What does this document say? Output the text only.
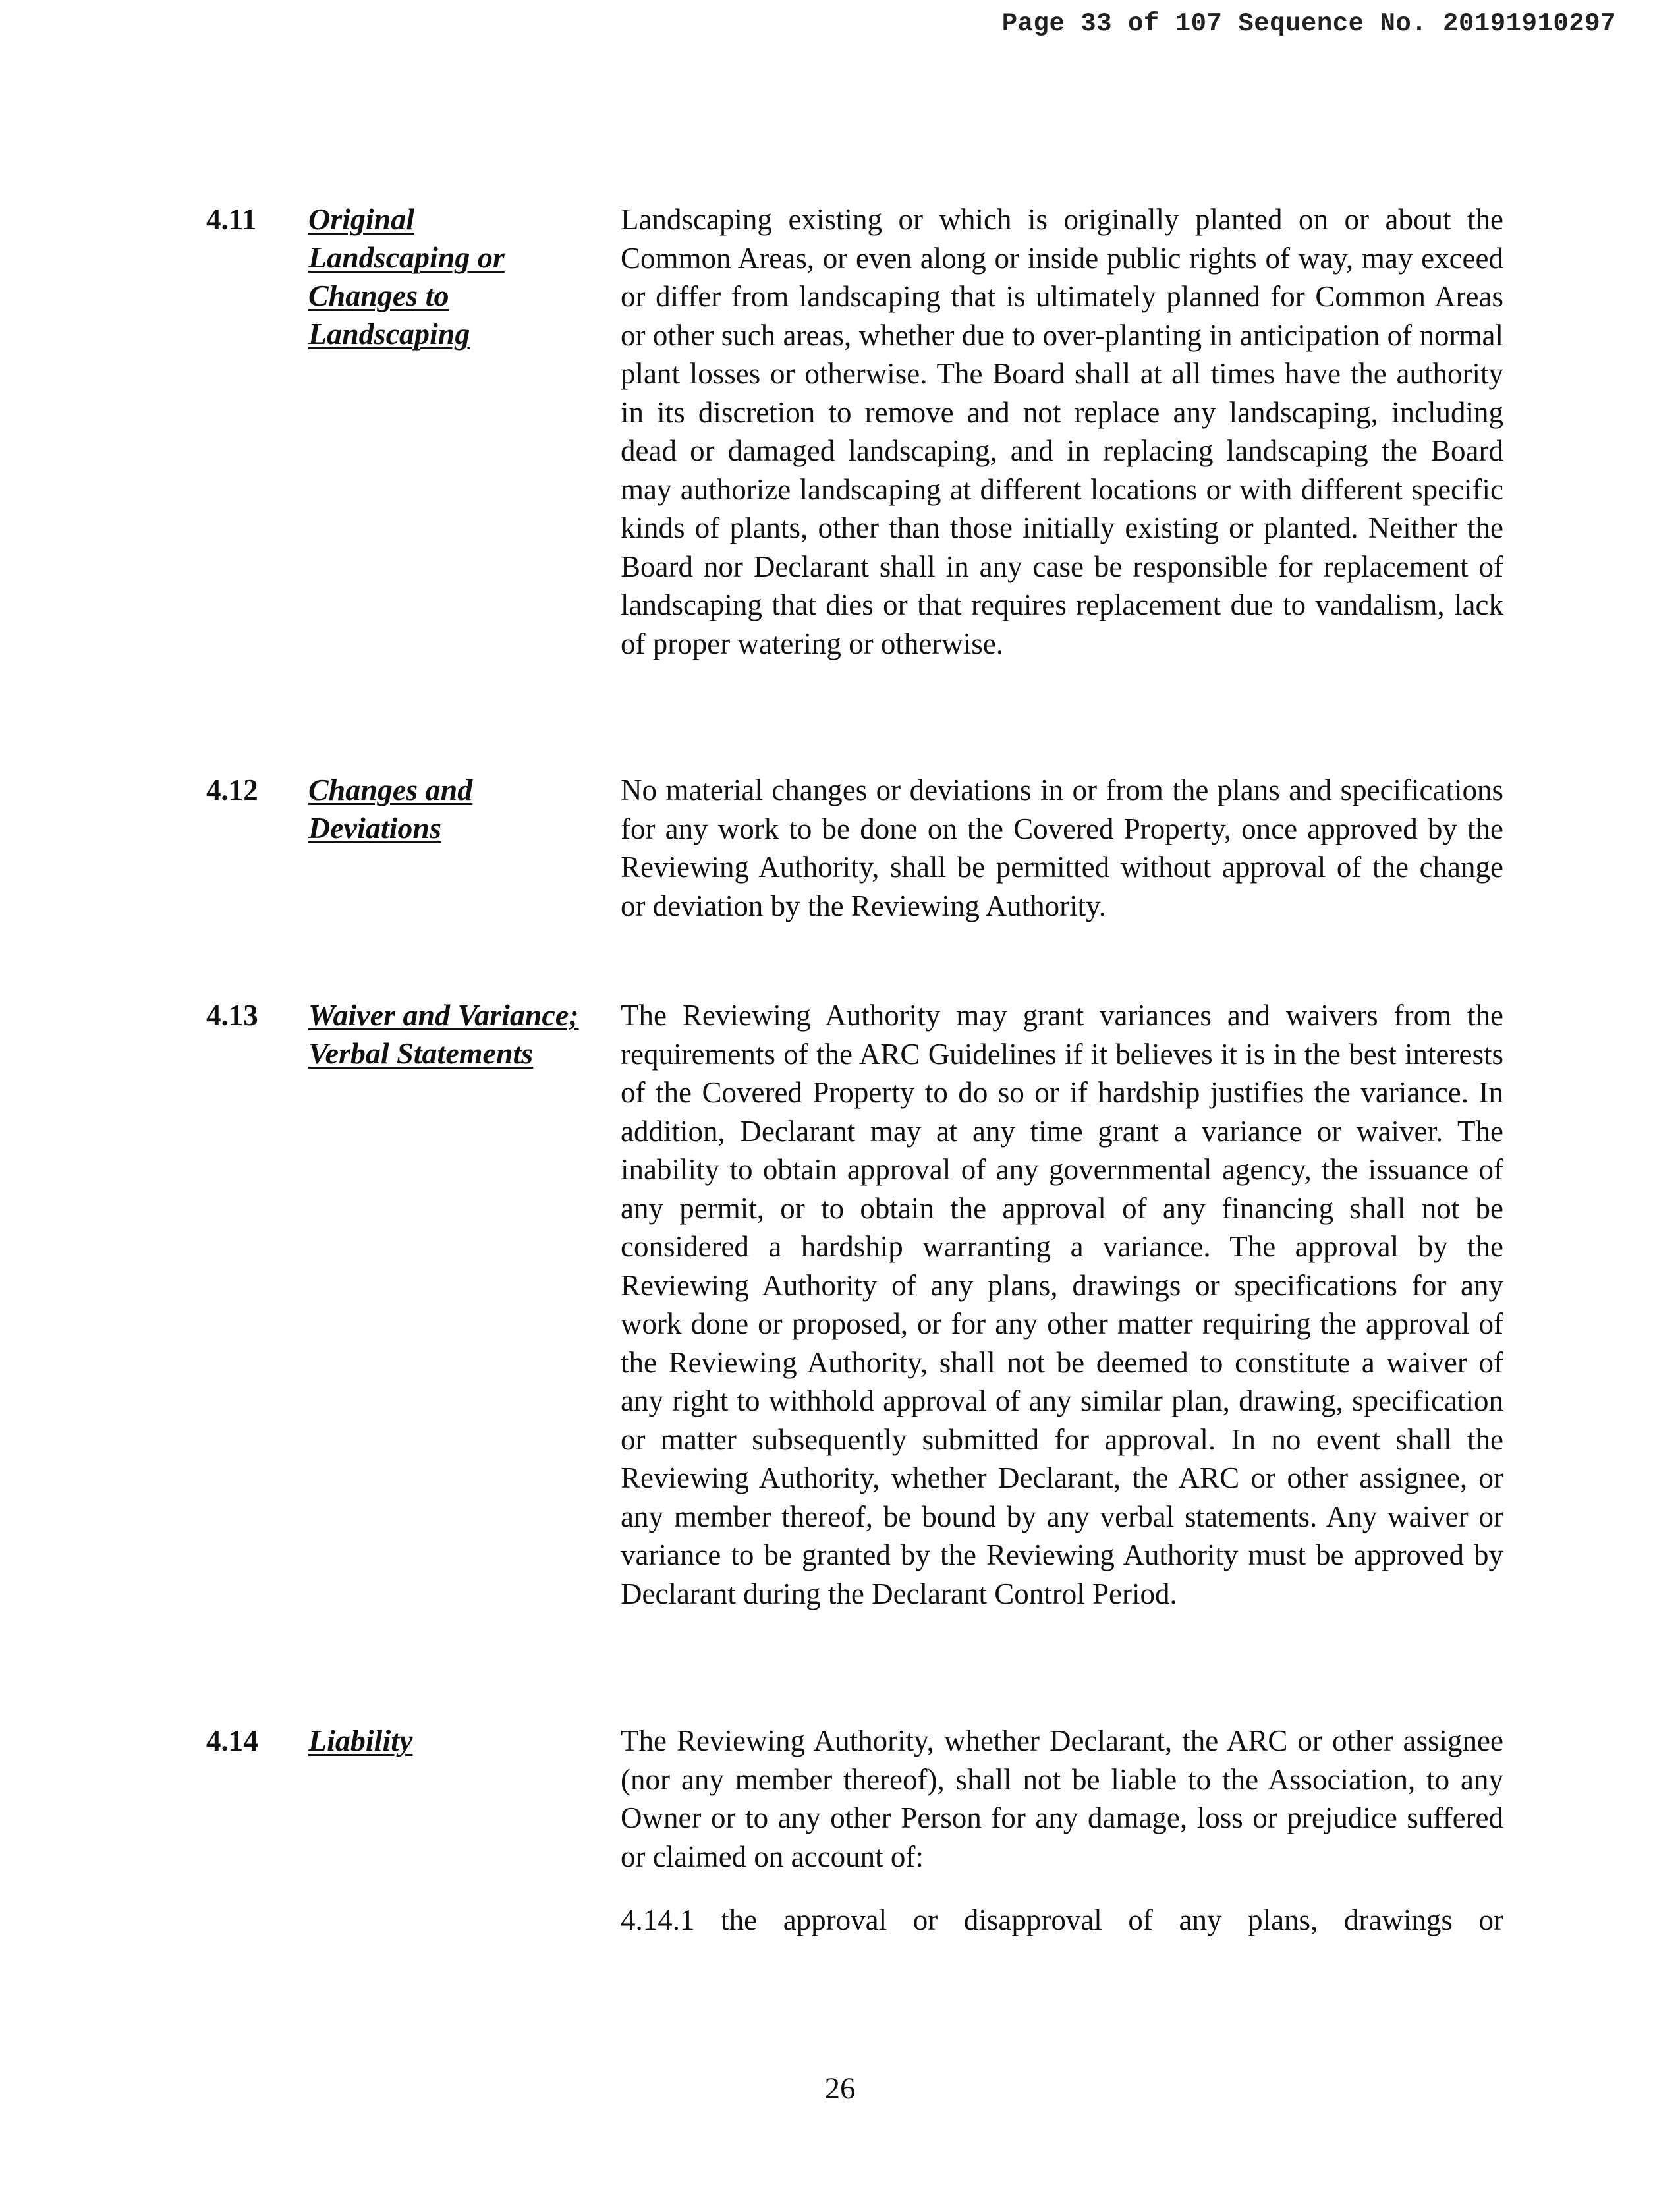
Page 33 of 107 Sequence No. 20191910297
4.11 Original Landscaping or Changes to Landscaping
Landscaping existing or which is originally planted on or about the Common Areas, or even along or inside public rights of way, may exceed or differ from landscaping that is ultimately planned for Common Areas or other such areas, whether due to over-planting in anticipation of normal plant losses or otherwise. The Board shall at all times have the authority in its discretion to remove and not replace any landscaping, including dead or damaged landscaping, and in replacing landscaping the Board may authorize landscaping at different locations or with different specific kinds of plants, other than those initially existing or planted. Neither the Board nor Declarant shall in any case be responsible for replacement of landscaping that dies or that requires replacement due to vandalism, lack of proper watering or otherwise.
4.12 Changes and Deviations
No material changes or deviations in or from the plans and specifications for any work to be done on the Covered Property, once approved by the Reviewing Authority, shall be permitted without approval of the change or deviation by the Reviewing Authority.
4.13 Waiver and Variance; Verbal Statements
The Reviewing Authority may grant variances and waivers from the requirements of the ARC Guidelines if it believes it is in the best interests of the Covered Property to do so or if hardship justifies the variance. In addition, Declarant may at any time grant a variance or waiver. The inability to obtain approval of any governmental agency, the issuance of any permit, or to obtain the approval of any financing shall not be considered a hardship warranting a variance. The approval by the Reviewing Authority of any plans, drawings or specifications for any work done or proposed, or for any other matter requiring the approval of the Reviewing Authority, shall not be deemed to constitute a waiver of any right to withhold approval of any similar plan, drawing, specification or matter subsequently submitted for approval. In no event shall the Reviewing Authority, whether Declarant, the ARC or other assignee, or any member thereof, be bound by any verbal statements. Any waiver or variance to be granted by the Reviewing Authority must be approved by Declarant during the Declarant Control Period.
4.14 Liability	The Reviewing Authority, whether Declarant, the ARC or other assignee (nor any member thereof), shall not be liable to the Association, to any Owner or to any other Person for any damage, loss or prejudice suffered or claimed on account of:
4.14.1 the approval or disapproval of any plans, drawings or
26
